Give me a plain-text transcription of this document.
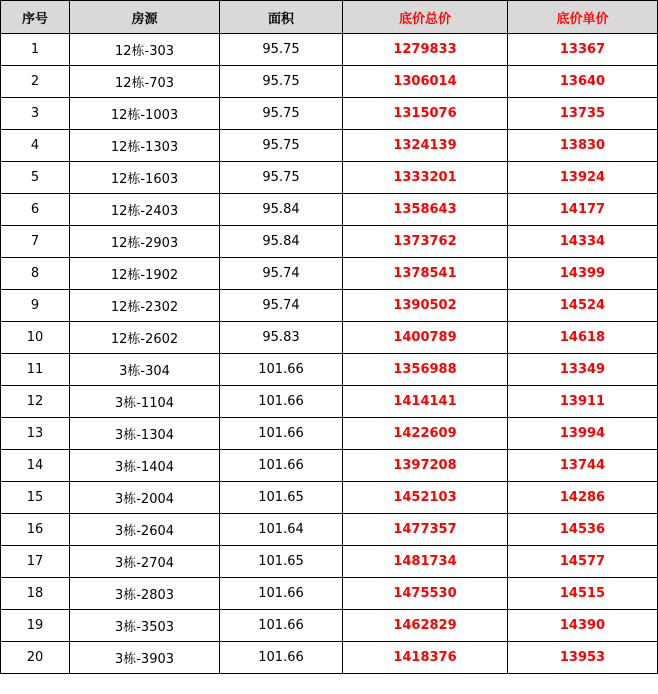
序号	房源	面积	底价总价	底价单价
1	12栋-303	95.75	1279833	13367
2	12栋-703	95.75	1306014	13640
3	12栋-1003	95.75	1315076	13735
4	12栋-1303	95.75	1324139	13830
5	12栋-1603	95.75	1333201	13924
6	12栋-2403	95.84	1358643	14177
7	12栋-2903	95.84	1373762	14334
8	12栋-1902	95.74	1378541	14399
9	12栋-2302	95.74	1390502	14524
10	12栋-2602	95.83	1400789	14618
11	3栋-304	101.66	1356988	13349
12	3栋-1104	101.66	1414141	13911
13	3栋-1304	101.66	1422609	13994
14	3栋-1404	101.66	1397208	13744
15	3栋-2004	101.65	1452103	14286
16	3栋-2604	101.64	1477357	14536
17	3栋-2704	101.65	1481734	14577
18	3栋-2803	101.66	1475530	14515
19	3栋-3503	101.66	1462829	14390
20	3栋-3903	101.66	1418376	13953
